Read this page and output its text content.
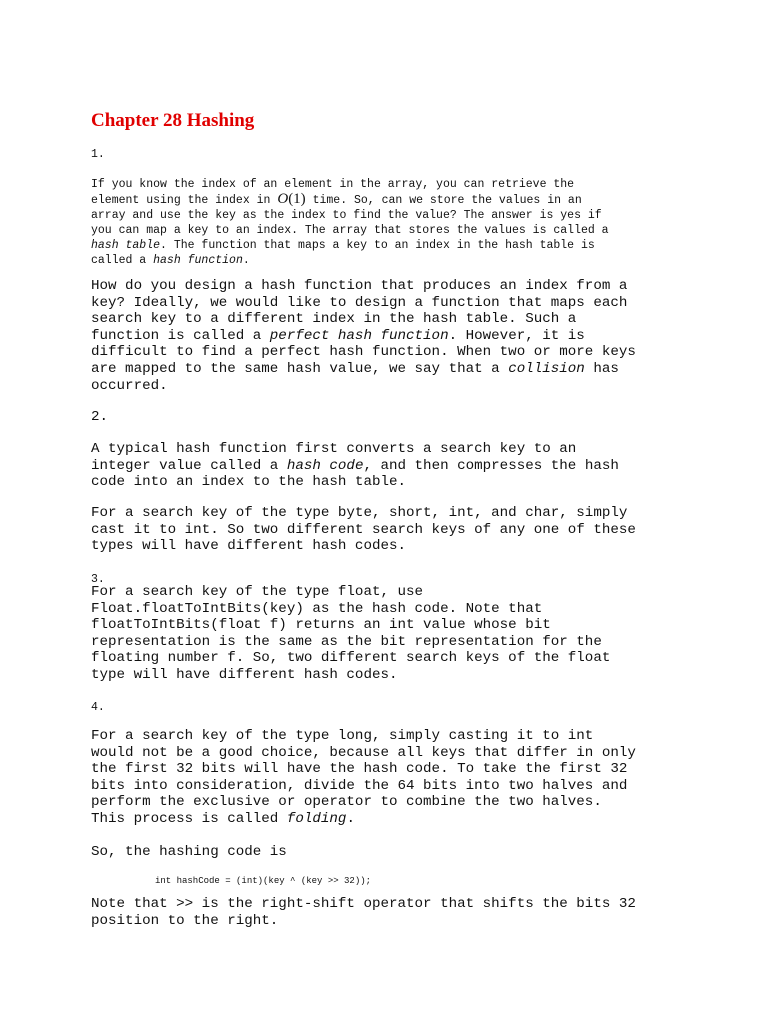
Chapter 28 Hashing
1.
If you know the index of an element in the array, you can retrieve the
element using the index in O(1) time. So, can we store the values in an
array and use the key as the index to find the value? The answer is yes if
you can map a key to an index. The array that stores the values is called a
hash table. The function that maps a key to an index in the hash table is
called a hash function.
How do you design a hash function that produces an index from a
key? Ideally, we would like to design a function that maps each
search key to a different index in the hash table. Such a
function is called a perfect hash function. However, it is
difficult to find a perfect hash function. When two or more keys
are mapped to the same hash value, we say that a collision has
occurred.
2.
A typical hash function first converts a search key to an
integer value called a hash code, and then compresses the hash
code into an index to the hash table.
For a search key of the type byte, short, int, and char, simply
cast it to int. So two different search keys of any one of these
types will have different hash codes.
3.
For a search key of the type float, use
Float.floatToIntBits(key) as the hash code. Note that
floatToIntBits(float f) returns an int value whose bit
representation is the same as the bit representation for the
floating number f. So, two different search keys of the float
type will have different hash codes.
4.
For a search key of the type long, simply casting it to int
would not be a good choice, because all keys that differ in only
the first 32 bits will have the hash code. To take the first 32
bits into consideration, divide the 64 bits into two halves and
perform the exclusive or operator to combine the two halves.
This process is called folding.
So, the hashing code is
int hashCode = (int)(key ^ (key >> 32));
Note that >> is the right-shift operator that shifts the bits 32
position to the right.
